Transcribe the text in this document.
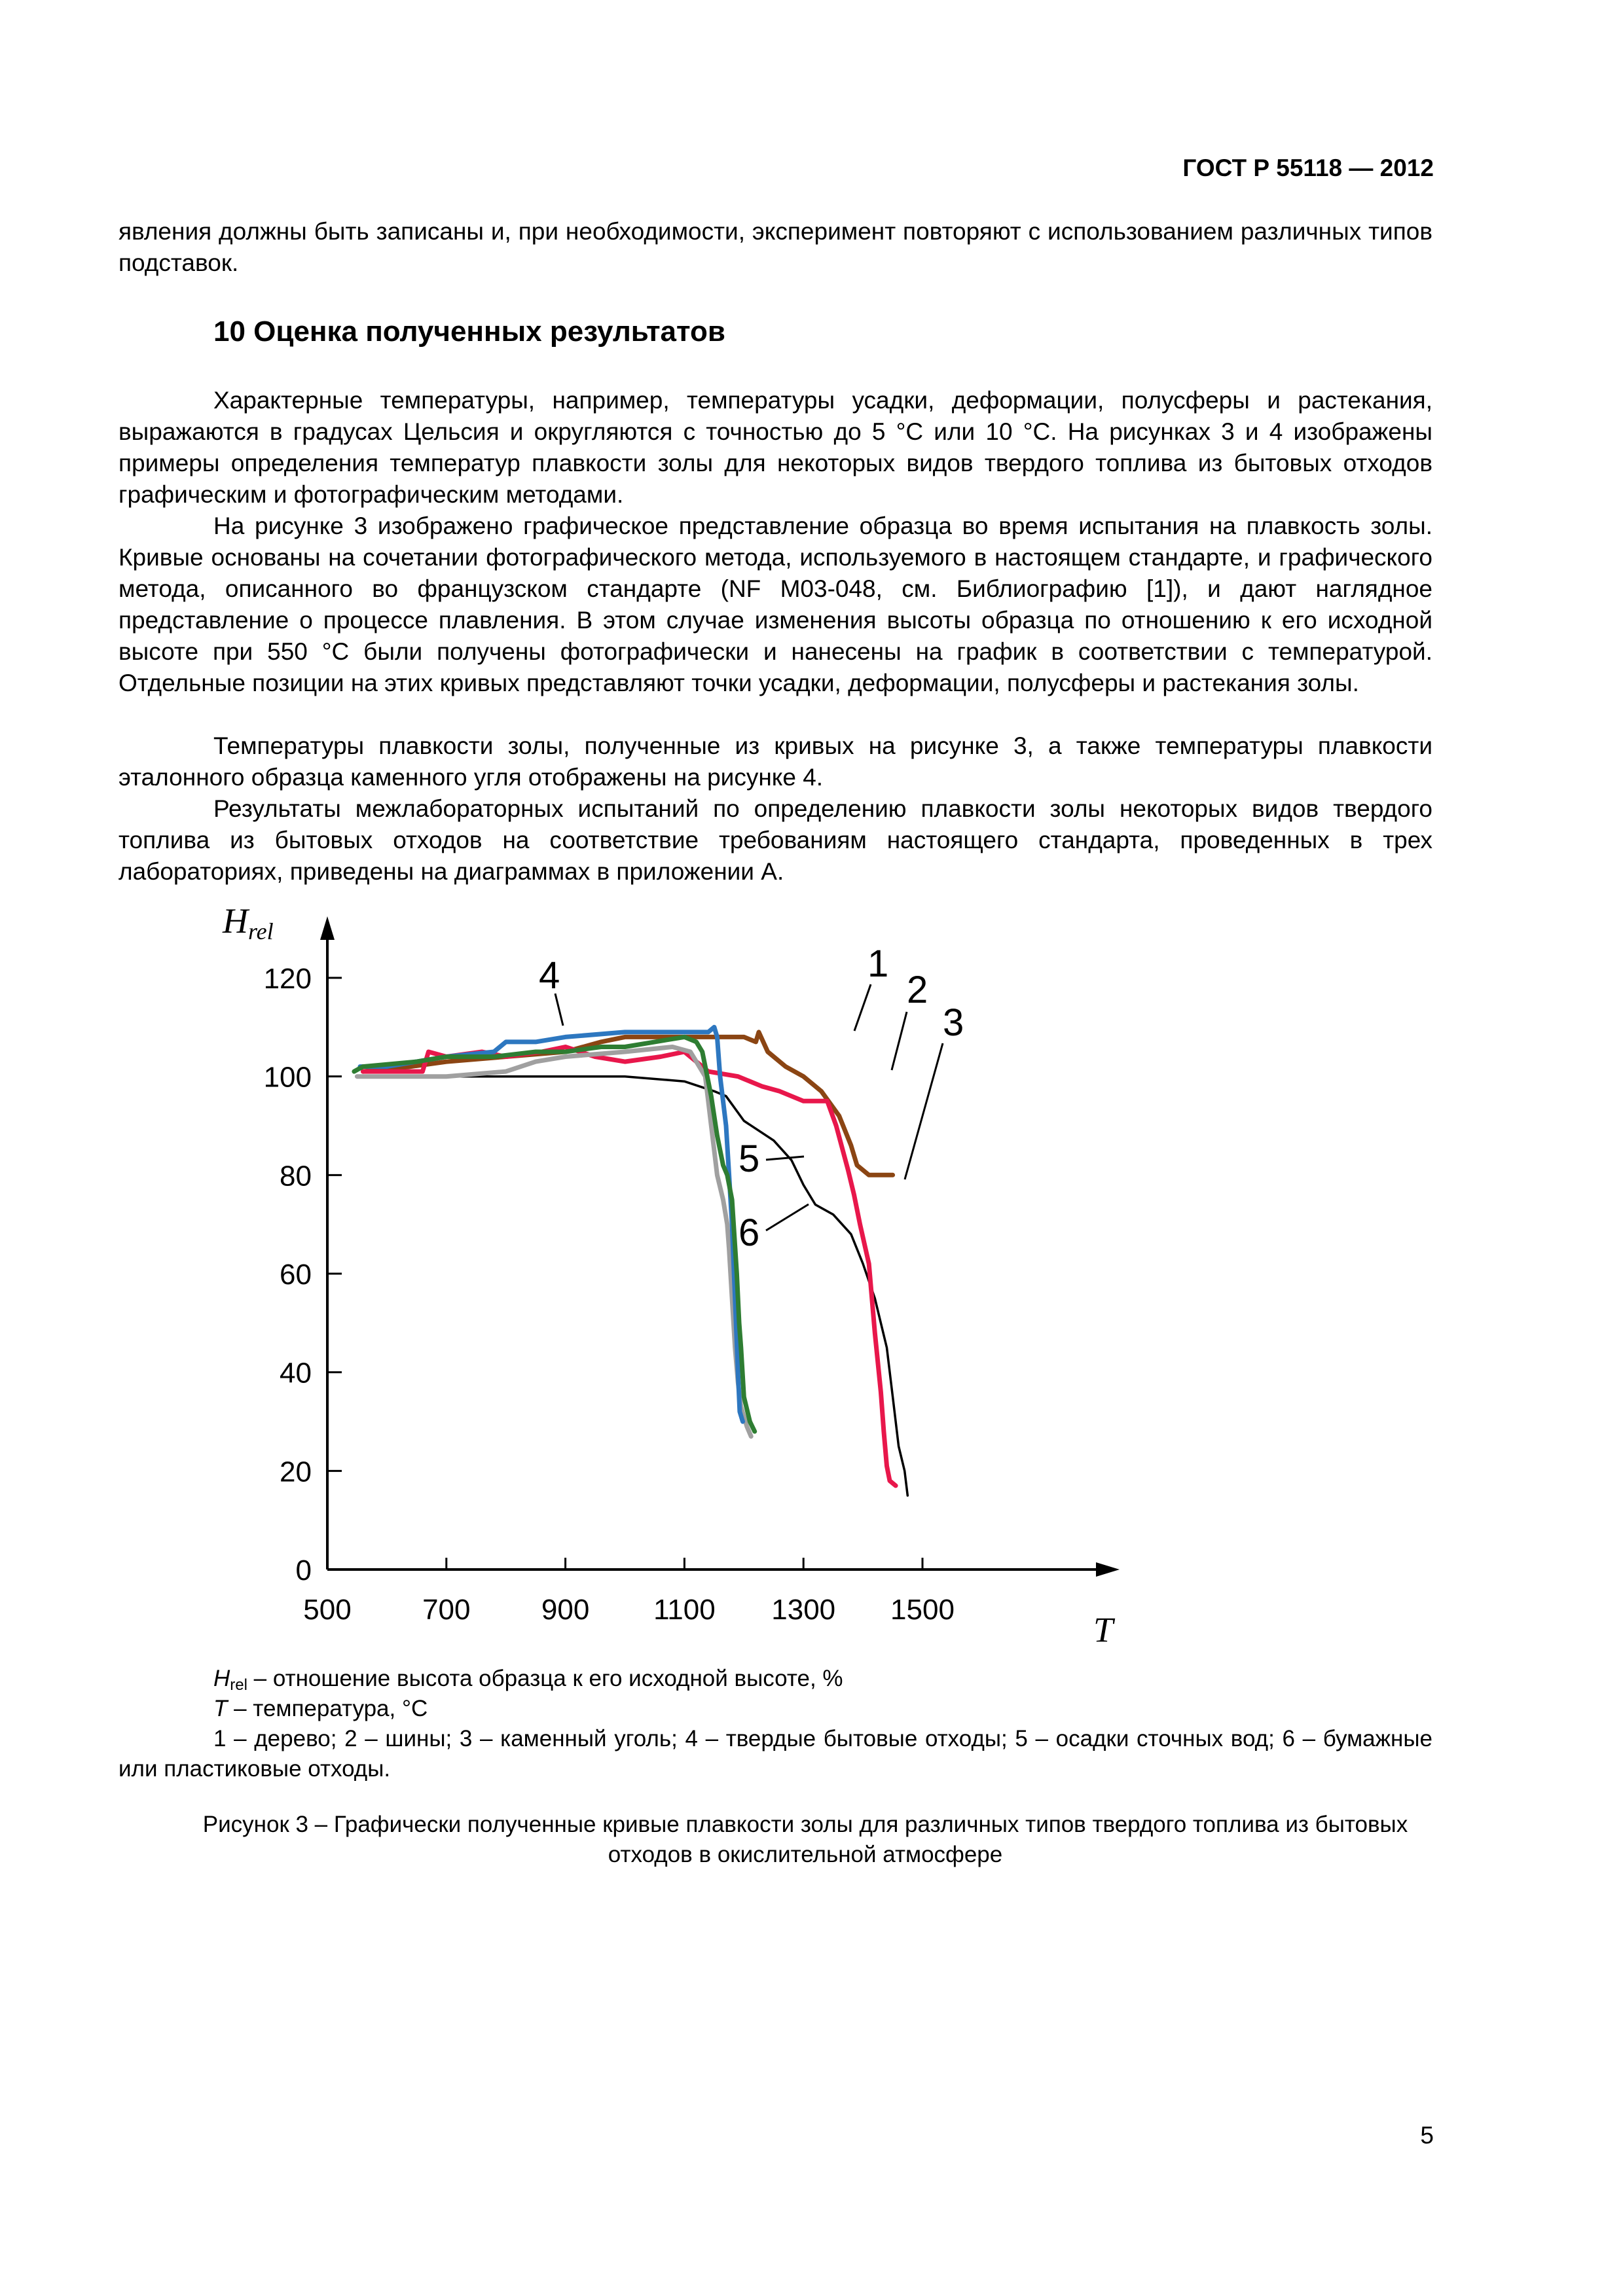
ГОСТ Р 55118 — 2012

явления должны быть записаны и, при необходимости, эксперимент повторяют с использованием различных типов подставок.

10 Оценка полученных результатов

Характерные температуры, например, температуры усадки, деформации, полусферы и растекания, выражаются в градусах Цельсия и округляются с точностью до 5 °С или 10 °С. На рисунках 3 и 4 изображены примеры определения температур плавкости золы для некоторых видов твердого топлива из бытовых отходов графическим и фотографическим методами.

На рисунке 3 изображено графическое представление образца во время испытания на плавкость золы. Кривые основаны на сочетании фотографического метода, используемого в настоящем стандарте, и графического метода, описанного во французском стандарте (NF M03-048, см. Библиографию [1]), и дают наглядное представление о процессе плавления. В этом случае изменения высоты образца по отношению к его исходной высоте при 550 °С были получены фотографически и нанесены на график в соответствии с температурой. Отдельные позиции на этих кривых представляют точки усадки, деформации, полусферы и растекания золы.

Температуры плавкости золы, полученные из кривых на рисунке 3, а также температуры плавкости эталонного образца каменного угля отображены на рисунке 4.

Результаты межлабораторных испытаний по определению плавкости золы некоторых видов твердого топлива из бытовых отходов на соответствие требованиям настоящего стандарта, проведенных в трех лабораториях, приведены на диаграммах в приложении А.

500 700 900 1100 1300 1500
0
20
40
60
80
100
120
Hrel
T
1
2
3
4
5
6

$H_{rel}$ – отношение высота образца к его исходной высоте, %

T – температура, °С

1 – дерево; 2 – шины; 3 – каменный уголь; 4 – твердые бытовые отходы; 5 – осадки сточных вод; 6 – бумажные или пластиковые отходы.

Рисунок 3 – Графически полученные кривые плавкости золы для различных типов твердого топлива из бытовых отходов в окислительной атмосфере

5
